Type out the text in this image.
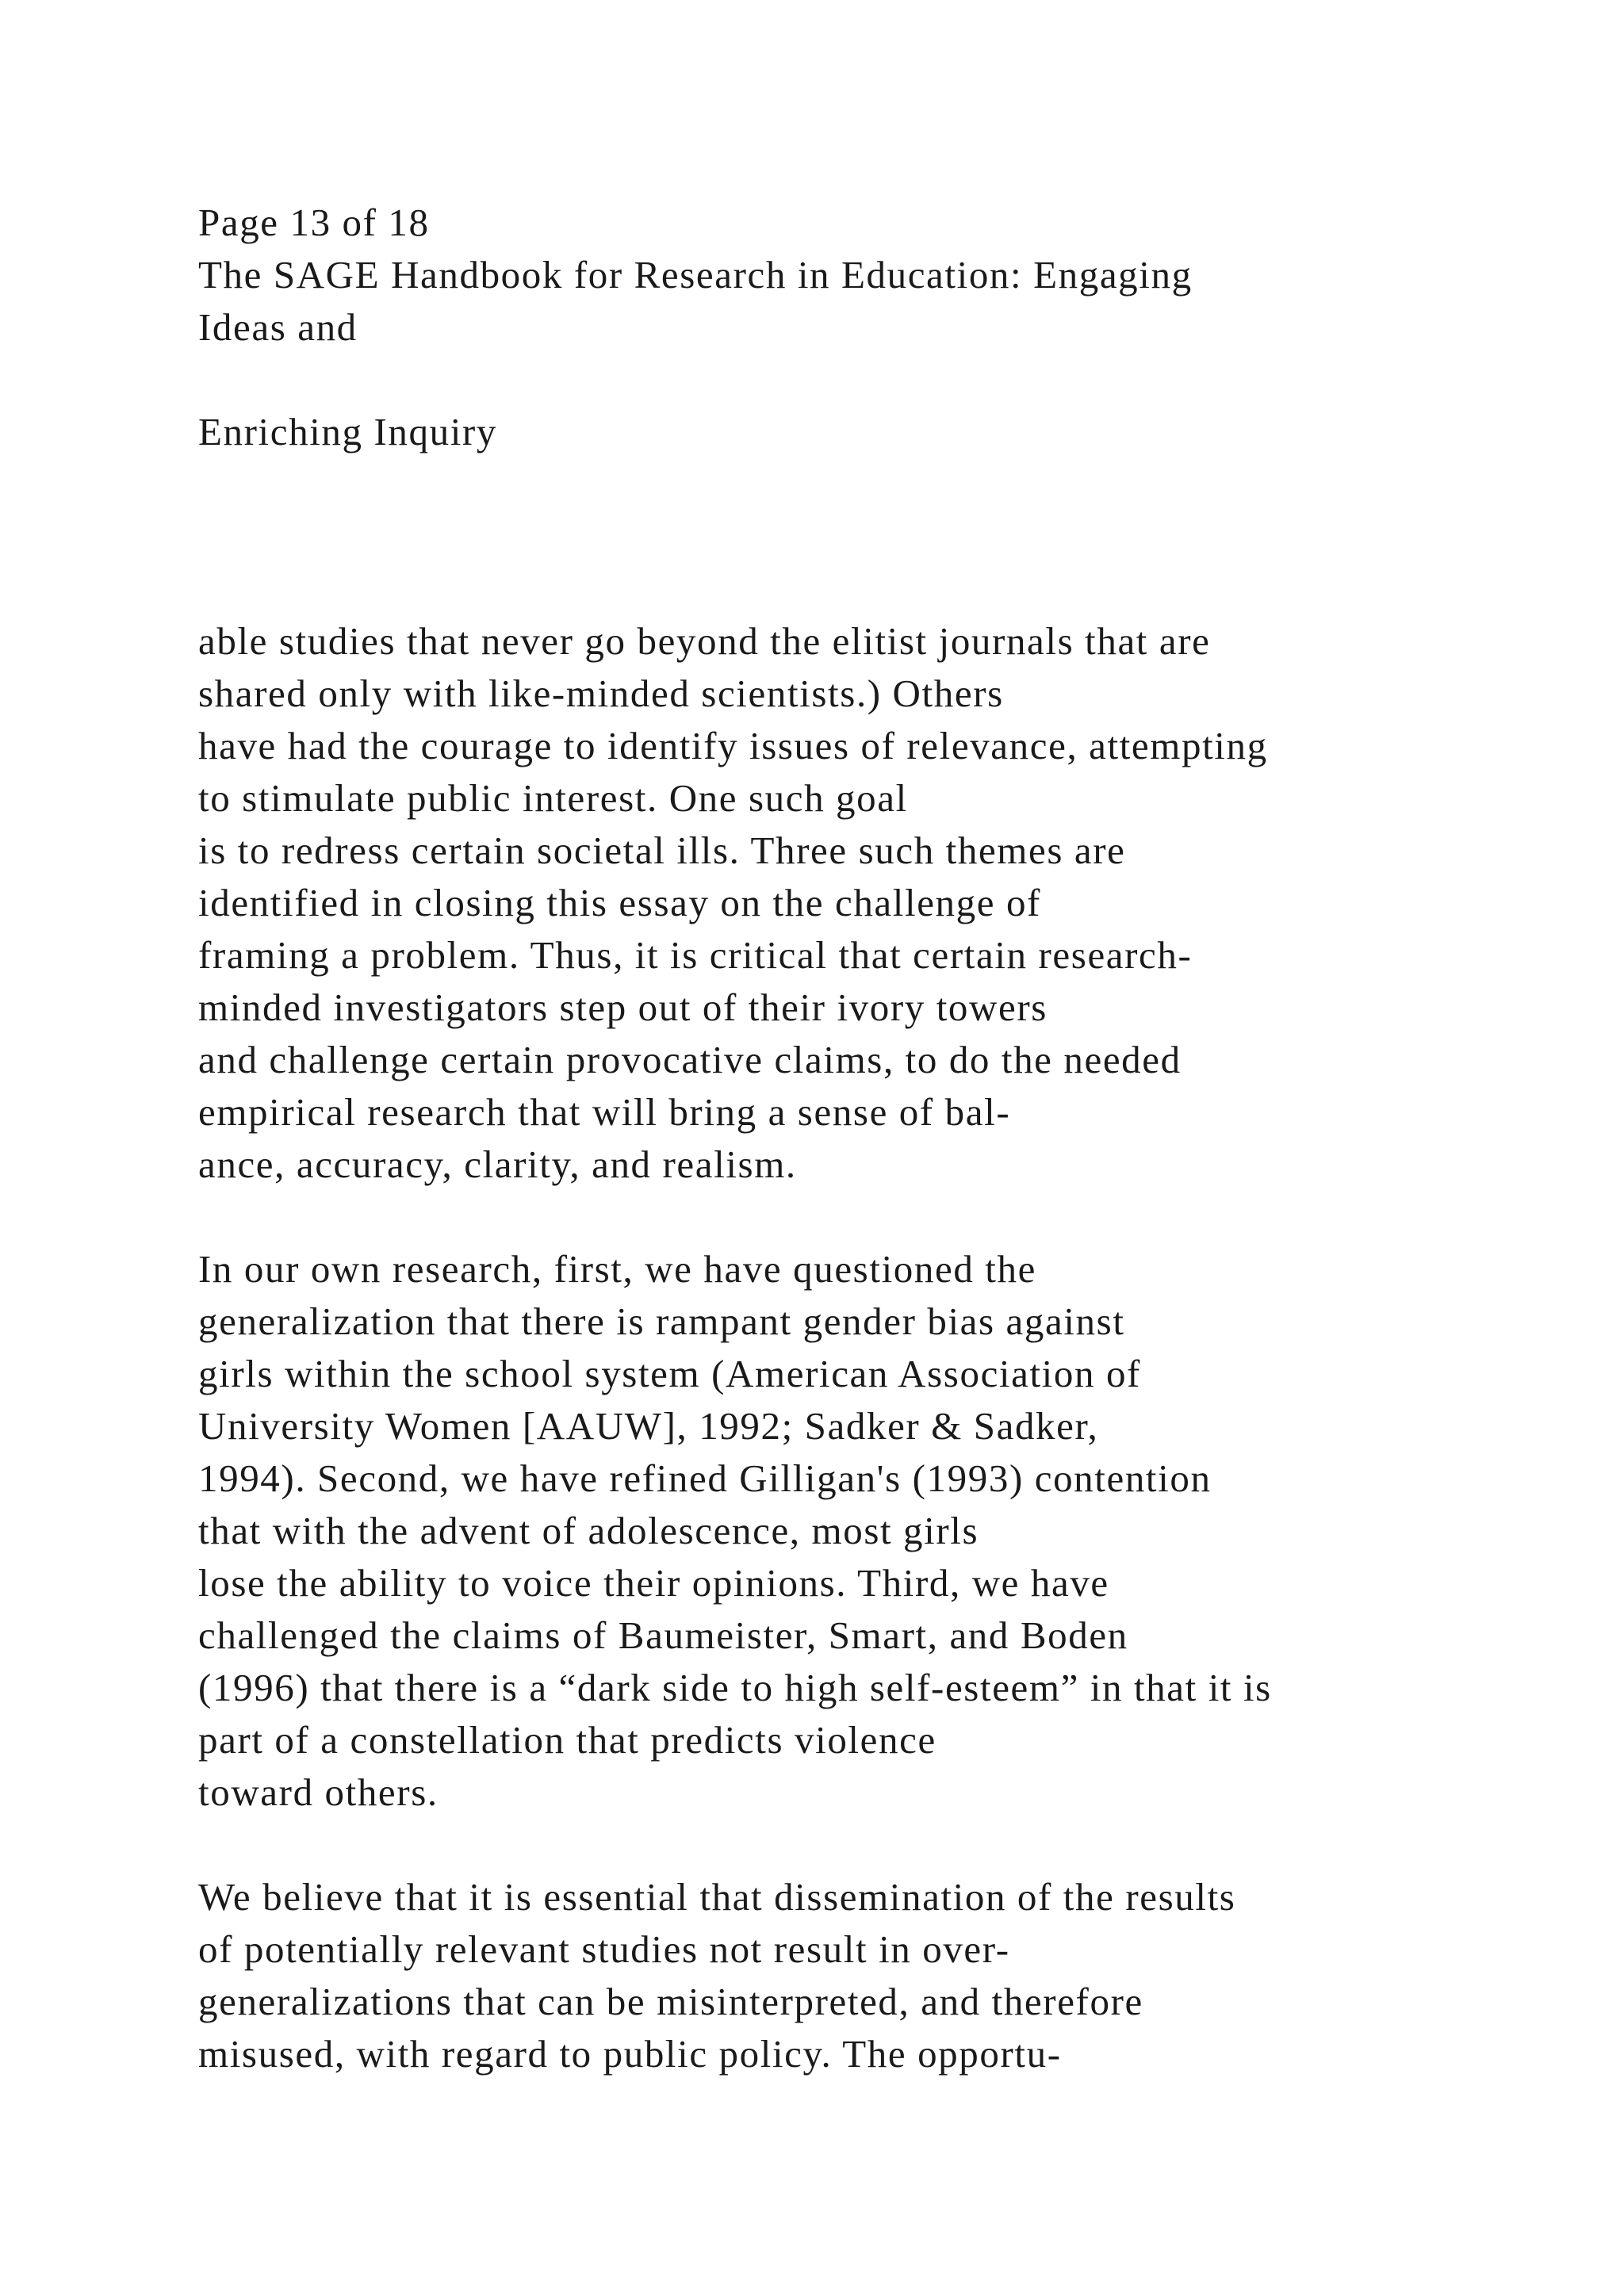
Page 13 of 18

The SAGE Handbook for Research in Education: Engaging

Ideas and

Enriching Inquiry

able studies that never go beyond the elitist journals that are

shared only with like-minded scientists.) Others

have had the courage to identify issues of relevance, attempting

to stimulate public interest. One such goal

is to redress certain societal ills. Three such themes are

identified in closing this essay on the challenge of

framing a problem. Thus, it is critical that certain research-

minded investigators step out of their ivory towers

and challenge certain provocative claims, to do the needed

empirical research that will bring a sense of bal-

ance, accuracy, clarity, and realism.

In our own research, first, we have questioned the

generalization that there is rampant gender bias against

girls within the school system (American Association of

University Women [AAUW], 1992; Sadker & Sadker,

1994). Second, we have refined Gilligan's (1993) contention

that with the advent of adolescence, most girls

lose the ability to voice their opinions. Third, we have

challenged the claims of Baumeister, Smart, and Boden

(1996) that there is a “dark side to high self-esteem” in that it is

part of a constellation that predicts violence

toward others.

We believe that it is essential that dissemination of the results

of potentially relevant studies not result in over-

generalizations that can be misinterpreted, and therefore

misused, with regard to public policy. The opportu-
